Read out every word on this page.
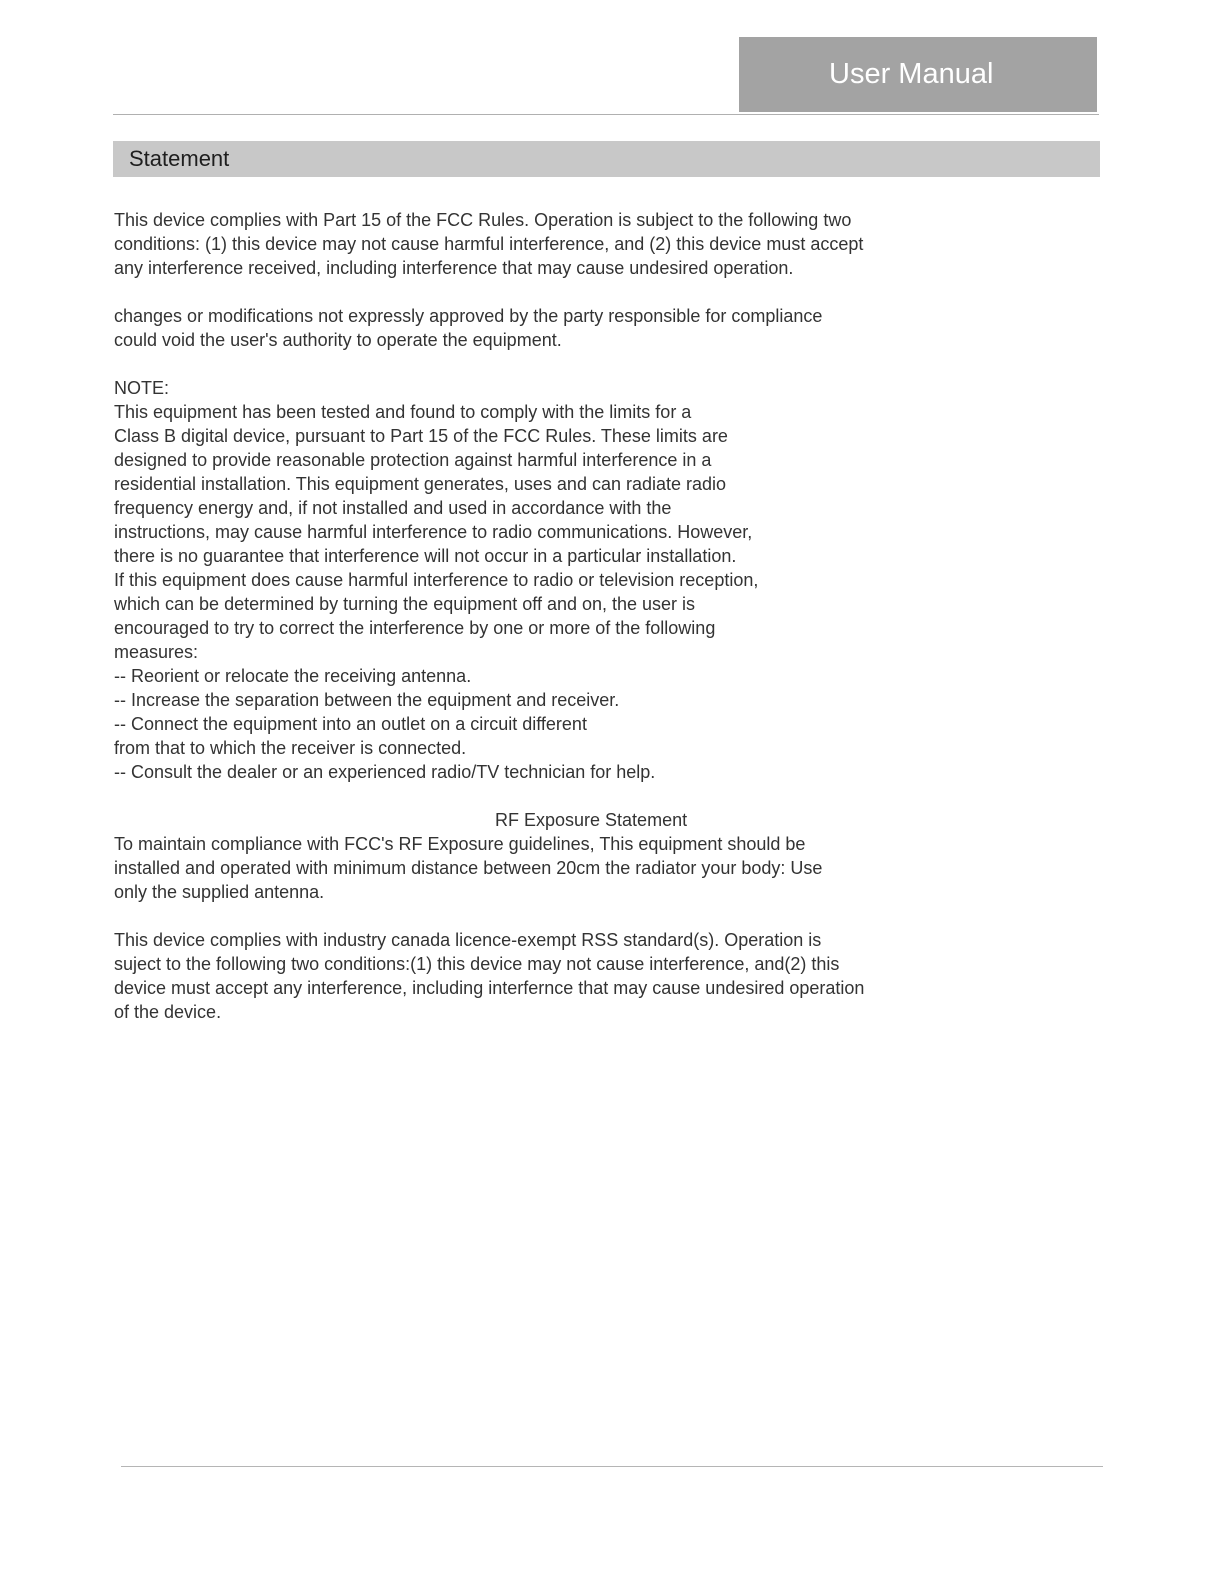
User Manual
Statement

This device complies with Part 15 of the FCC Rules. Operation is subject to the following two
conditions: (1) this device may not cause harmful interference, and (2) this device must accept
any interference received, including interference that may cause undesired operation.

changes or modifications not expressly approved by the party responsible for compliance
could void the user's authority to operate the equipment.

NOTE:

This equipment has been tested and found to comply with the limits for a
Class B digital device, pursuant to Part 15 of the FCC Rules. These limits are
designed to provide reasonable protection against harmful interference in a
residential installation. This equipment generates, uses and can radiate radio
frequency energy and, if not installed and used in accordance with the
instructions, may cause harmful interference to radio communications. However,
there is no guarantee that interference will not occur in a particular installation.
If this equipment does cause harmful interference to radio or television reception,
which can be determined by turning the equipment off and on, the user is
encouraged to try to correct the interference by one or more of the following
measures:

-- Reorient or relocate the receiving antenna.

-- Increase the separation between the equipment and receiver.

-- Connect the equipment into an outlet on a circuit different
from that to which the receiver is connected.

-- Consult the dealer or an experienced radio/TV technician for help.

RF Exposure Statement

To maintain compliance with FCC's RF Exposure guidelines, This equipment should be
installed and operated with minimum distance between 20cm the radiator your body: Use
only the supplied antenna.

This device complies with industry canada licence-exempt RSS standard(s). Operation is
suject to the following two conditions:(1) this device may not cause interference, and(2) this
device must accept any interference, including interfernce that may cause undesired operation
of the device.
